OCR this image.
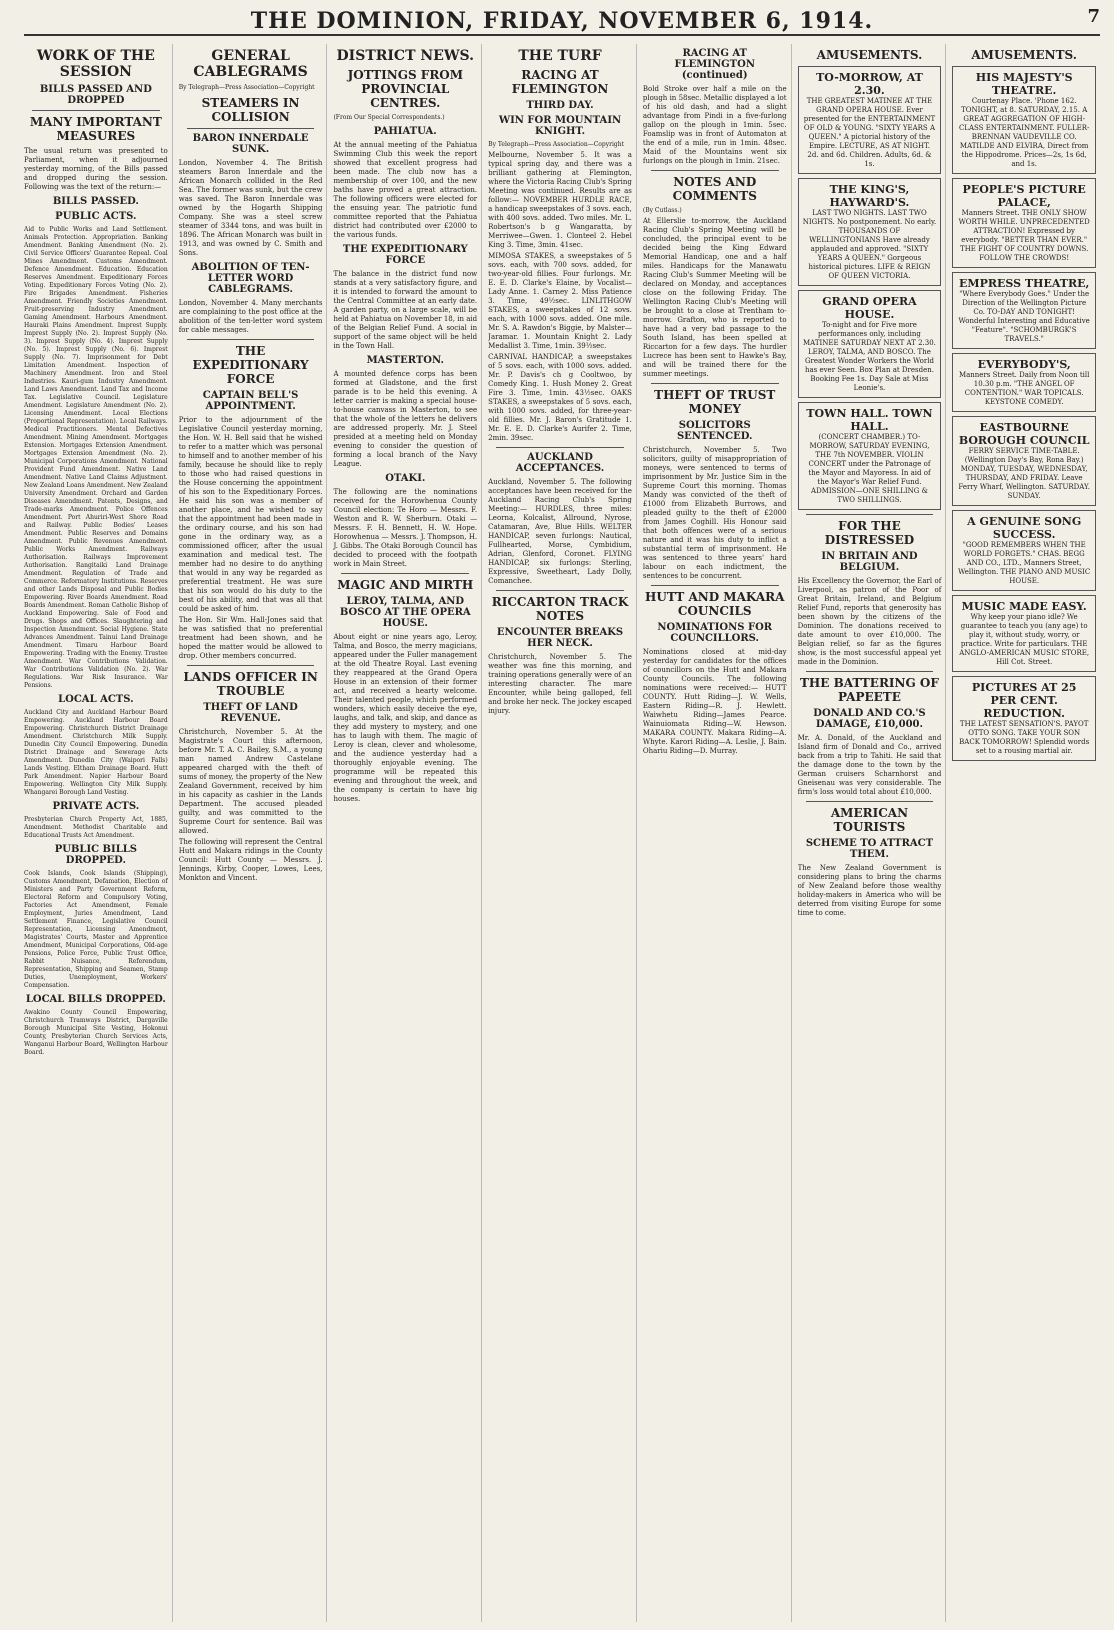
THE DOMINION, FRIDAY, NOVEMBER 6, 1914.	7
WORK OF THE SESSION
BILLS PASSED AND DROPPED
MANY IMPORTANT MEASURES
The usual return was presented to Parliament, when it adjourned yesterday morning, of the Bills passed and dropped during the session. Following was the text of the return:—
BILLS PASSED.
PUBLIC ACTS.
Aid to Public Works and Land Settlement. Animals Protection. Appropriation. Banking Amendment. Banking Amendment (No. 2). Civil Service Officers' Guarantee Repeal. Coal Mines Amendment. Customs Amendment. Defence Amendment. Education. Education Reserves Amendment. Expeditionary Forces Voting. Expeditionary Forces Voting (No. 2). Fire Brigades Amendment. Fisheries Amendment. Friendly Societies Amendment. Fruit-preserving Industry Amendment. Gaming Amendment. Harbours Amendment. Hauraki Plains Amendment. Imprest Supply. Imprest Supply (No. 2). Imprest Supply (No. 3). Imprest Supply (No. 4). Imprest Supply (No. 5). Imprest Supply (No. 6). Imprest Supply (No. 7). Imprisonment for Debt Limitation Amendment. Inspection of Machinery Amendment. Iron and Steel Industries. Kauri-gum Industry Amendment. Land Laws Amendment. Land Tax and Income Tax. Legislative Council. Legislature Amendment. Legislature Amendment (No. 2). Licensing Amendment. Local Elections (Proportional Representation). Local Railways. Medical Practitioners. Mental Defectives Amendment. Mining Amendment. Mortgages Extension. Mortgages Extension Amendment. Mortgages Extension Amendment (No. 2). Municipal Corporations Amendment. National Provident Fund Amendment. Native Land Amendment. Native Land Claims Adjustment. New Zealand Loans Amendment. New Zealand University Amendment. Orchard and Garden Diseases Amendment. Patents, Designs, and Trade-marks Amendment. Police Offences Amendment. Port Ahuriri-West Shore Road and Railway. Public Bodies' Leases Amendment. Public Reserves and Domains Amendment. Public Revenues Amendment. Public Works Amendment. Railways Authorisation. Railways Improvement Authorisation. Rangitaiki Land Drainage Amendment. Regulation of Trade and Commerce. Reformatory Institutions. Reserves and other Lands Disposal and Public Bodies Empowering. River Boards Amendment. Road Boards Amendment. Roman Catholic Bishop of Auckland Empowering. Sale of Food and Drugs. Shops and Offices. Slaughtering and Inspection Amendment. Social Hygiene. State Advances Amendment. Tainui Land Drainage Amendment. Timaru Harbour Board Empowering. Trading with the Enemy. Trustee Amendment. War Contributions Validation. War Contributions Validation (No. 2). War Regulations. War Risk Insurance. War Pensions.
LOCAL ACTS.
Auckland City and Auckland Harbour Board Empowering. Auckland Harbour Board Empowering. Christchurch District Drainage Amendment. Christchurch Milk Supply. Dunedin City Council Empowering. Dunedin District Drainage and Sewerage Acts Amendment. Dunedin City (Waipori Falls) Lands Vesting. Eltham Drainage Board. Hutt Park Amendment. Napier Harbour Board Empowering. Wellington City Milk Supply. Whangarei Borough Land Vesting.
PRIVATE ACTS.
Presbyterian Church Property Act, 1885, Amendment. Methodist Charitable and Educational Trusts Act Amendment.
PUBLIC BILLS DROPPED.
Cook Islands, Cook Islands (Shipping), Customs Amendment, Defamation, Election of Ministers and Party Government Reform, Electoral Reform and Compulsory Voting, Factories Act Amendment, Female Employment, Juries Amendment, Land Settlement Finance, Legislative Council Representation, Licensing Amendment, Magistrates' Courts, Master and Apprentice Amendment, Municipal Corporations, Old-age Pensions, Police Force, Public Trust Office, Rabbit Nuisance, Referendum, Representation, Shipping and Seamen, Stamp Duties, Unemployment, Workers' Compensation.
LOCAL BILLS DROPPED.
Awakino County Council Empowering, Christchurch Tramways District, Dargaville Borough Municipal Site Vesting, Hokonui County, Presbyterian Church Services Acts, Wanganui Harbour Board, Wellington Harbour Board.
GENERAL CABLEGRAMS
By Telegraph—Press Association—Copyright
STEAMERS IN COLLISION
BARON INNERDALE SUNK.
London, November 4. The British steamers Baron Innerdale and the African Monarch collided in the Red Sea. The former was sunk, but the crew was saved. The Baron Innerdale was owned by the Hogarth Shipping Company. She was a steel screw steamer of 3344 tons, and was built in 1896. The African Monarch was built in 1913, and was owned by C. Smith and Sons.
ABOLITION OF TEN-LETTER WORD CABLEGRAMS.
London, November 4. Many merchants are complaining to the post office at the abolition of the ten-letter word system for cable messages.
THE EXPEDITIONARY FORCE
CAPTAIN BELL'S APPOINTMENT.
Prior to the adjournment of the Legislative Council yesterday morning, the Hon. W. H. Bell said that he wished to refer to a matter which was personal to himself and to another member of his family, because he should like to reply to those who had raised questions in the House concerning the appointment of his son to the Expeditionary Forces. He said his son was a member of another place, and he wished to say that the appointment had been made in the ordinary course, and his son had gone in the ordinary way, as a commissioned officer, after the usual examination and medical test. The member had no desire to do anything that would in any way be regarded as preferential treatment. He was sure that his son would do his duty to the best of his ability, and that was all that could be asked of him.
The Hon. Sir Wm. Hall-Jones said that he was satisfied that no preferential treatment had been shown, and he hoped the matter would be allowed to drop. Other members concurred.
LANDS OFFICER IN TROUBLE
THEFT OF LAND REVENUE.
Christchurch, November 5. At the Magistrate's Court this afternoon, before Mr. T. A. C. Bailey, S.M., a young man named Andrew Castelane appeared charged with the theft of sums of money, the property of the New Zealand Government, received by him in his capacity as cashier in the Lands Department. The accused pleaded guilty, and was committed to the Supreme Court for sentence. Bail was allowed.
The following will represent the Central Hutt and Makara ridings in the County Council: Hutt County — Messrs. J. Jennings, Kirby, Cooper, Lowes, Lees, Monkton and Vincent.
DISTRICT NEWS.
JOTTINGS FROM PROVINCIAL CENTRES.
(From Our Special Correspondents.)
PAHIATUA.
At the annual meeting of the Pahiatua Swimming Club this week the report showed that excellent progress had been made. The club now has a membership of over 100, and the new baths have proved a great attraction. The following officers were elected for the ensuing year. The patriotic fund committee reported that the Pahiatua district had contributed over £2000 to the various funds.
THE EXPEDITIONARY FORCE
The balance in the district fund now stands at a very satisfactory figure, and it is intended to forward the amount to the Central Committee at an early date. A garden party, on a large scale, will be held at Pahiatua on November 18, in aid of the Belgian Relief Fund. A social in support of the same object will be held in the Town Hall.
MASTERTON.
A mounted defence corps has been formed at Gladstone, and the first parade is to be held this evening. A letter carrier is making a special house-to-house canvass in Masterton, to see that the whole of the letters he delivers are addressed properly. Mr. J. Steel presided at a meeting held on Monday evening to consider the question of forming a local branch of the Navy League.
OTAKI.
The following are the nominations received for the Horowhenua County Council election: Te Horo — Messrs. F. Weston and R. W. Sherburn. Otaki — Messrs. F. H. Bennett, H. W. Hope. Horowhenua — Messrs. J. Thompson, H. J. Gibbs. The Otaki Borough Council has decided to proceed with the footpath work in Main Street.
MAGIC AND MIRTH
LEROY, TALMA, AND BOSCO AT THE OPERA HOUSE.
About eight or nine years ago, Leroy, Talma, and Bosco, the merry magicians, appeared under the Fuller management at the old Theatre Royal. Last evening they reappeared at the Grand Opera House in an extension of their former act, and received a hearty welcome. Their talented people, which performed wonders, which easily deceive the eye, laughs, and talk, and skip, and dance as they add mystery to mystery, and one has to laugh with them. The magic of Leroy is clean, clever and wholesome, and the audience yesterday had a thoroughly enjoyable evening. The programme will be repeated this evening and throughout the week, and the company is certain to have big houses.
THE TURF
RACING AT FLEMINGTON
THIRD DAY.
WIN FOR MOUNTAIN KNIGHT.
By Telegraph—Press Association—Copyright
Melbourne, November 5. It was a typical spring day, and there was a brilliant gathering at Flemington, where the Victoria Racing Club's Spring Meeting was continued. Results are as follow:— NOVEMBER HURDLE RACE, a handicap sweepstakes of 3 sovs. each, with 400 sovs. added. Two miles. Mr. L. Robertson's b g Wangaratta, by Merriwee—Gwen. 1. Clonteel 2. Hebel King 3. Time, 3min. 41sec.
MIMOSA STAKES, a sweepstakes of 5 sovs. each, with 700 sovs. added, for two-year-old fillies. Four furlongs. Mr. E. E. D. Clarke's Elaine, by Vocalist—Lady Anne. 1. Carney 2. Miss Patience 3. Time, 49½sec. LINLITHGOW STAKES, a sweepstakes of 12 sovs. each, with 1000 sovs. added. One mile. Mr. S. A. Rawdon's Biggie, by Malster—Jaramar. 1. Mountain Knight 2. Lady Medallist 3. Time, 1min. 39½sec.
CARNIVAL HANDICAP, a sweepstakes of 5 sovs. each, with 1000 sovs. added. Mr. P. Davis's ch g Cooltwoo, by Comedy King. 1. Hush Money 2. Great Fire 3. Time, 1min. 43½sec. OAKS STAKES, a sweepstakes of 5 sovs. each, with 1000 sovs. added, for three-year-old fillies. Mr. J. Baron's Gratitude 1. Mr. E. E. D. Clarke's Aurifer 2. Time, 2min. 39sec.
AUCKLAND ACCEPTANCES.
Auckland, November 5. The following acceptances have been received for the Auckland Racing Club's Spring Meeting:— HURDLES, three miles: Leorna, Kolcalist, Allround, Nyrose, Catamaran, Ave, Blue Hills. WELTER HANDICAP, seven furlongs: Nautical, Fullhearted, Morse, Cymbidium, Adrian, Glenford, Coronet. FLYING HANDICAP, six furlongs: Sterling, Expressive, Sweetheart, Lady Dolly, Comanchee.
RICCARTON TRACK NOTES
ENCOUNTER BREAKS HER NECK.
Christchurch, November 5. The weather was fine this morning, and training operations generally were of an interesting character. The mare Encounter, while being galloped, fell and broke her neck. The jockey escaped injury.
RACING AT FLEMINGTON (continued)
Bold Stroke over half a mile on the plough in 58sec. Metallic displayed a lot of his old dash, and had a slight advantage from Pindi in a five-furlong gallop on the plough in 1min. 5sec. Foamslip was in front of Automaton at the end of a mile, run in 1min. 48sec. Maid of the Mountains went six furlongs on the plough in 1min. 21sec.
NOTES AND COMMENTS
(By Cutlass.)
At Ellerslie to-morrow, the Auckland Racing Club's Spring Meeting will be concluded, the principal event to be decided being the King Edward Memorial Handicap, one and a half miles. Handicaps for the Manawatu Racing Club's Summer Meeting will be declared on Monday, and acceptances close on the following Friday. The Wellington Racing Club's Meeting will be brought to a close at Trentham to-morrow. Grafton, who is reported to have had a very bad passage to the South Island, has been spelled at Riccarton for a few days. The hurdler Lucrece has been sent to Hawke's Bay, and will be trained there for the summer meetings.
THEFT OF TRUST MONEY
SOLICITORS SENTENCED.
Christchurch, November 5. Two solicitors, guilty of misappropriation of moneys, were sentenced to terms of imprisonment by Mr. Justice Sim in the Supreme Court this morning. Thomas Mandy was convicted of the theft of £1000 from Elizabeth Burrows, and pleaded guilty to the theft of £2000 from James Coghill. His Honour said that both offences were of a serious nature and it was his duty to inflict a substantial term of imprisonment. He was sentenced to three years' hard labour on each indictment, the sentences to be concurrent.
HUTT AND MAKARA COUNCILS
NOMINATIONS FOR COUNCILLORS.
Nominations closed at mid-day yesterday for candidates for the offices of councillors on the Hutt and Makara County Councils. The following nominations were received:— HUTT COUNTY. Hutt Riding—J. W. Wells, Eastern Riding—R. J. Hewlett. Waiwhetu Riding—James Pearce. Wainuiomata Riding—W. Hewson. MAKARA COUNTY. Makara Riding—A. Whyte. Karori Riding—A. Leslie, J. Bain. Ohariu Riding—D. Murray.
AMUSEMENTS.
TO-MORROW, AT 2.30.
THE GREATEST MATINEE AT THE GRAND OPERA HOUSE. Ever presented for the ENTERTAINMENT OF OLD & YOUNG. "SIXTY YEARS A QUEEN." A pictorial history of the Empire. LECTURE, AS AT NIGHT. 2d. and 6d. Children. Adults, 6d. & 1s.
THE KING'S, HAYWARD'S.
LAST TWO NIGHTS. LAST TWO NIGHTS. No postponement. No early. THOUSANDS OF WELLINGTONIANS Have already applauded and approved. "SIXTY YEARS A QUEEN." Gorgeous historical pictures. LIFE & REIGN OF QUEEN VICTORIA.
GRAND OPERA HOUSE.
To-night and for Five more performances only, including MATINEE SATURDAY NEXT AT 2.30. LEROY, TALMA, AND BOSCO. The Greatest Wonder Workers the World has ever Seen. Box Plan at Dresden. Booking Fee 1s. Day Sale at Miss Leonie's.
TOWN HALL. TOWN HALL.
(CONCERT CHAMBER.) TO-MORROW, SATURDAY EVENING, THE 7th NOVEMBER. VIOLIN CONCERT under the Patronage of the Mayor and Mayoress. In aid of the Mayor's War Relief Fund. ADMISSION—ONE SHILLING & TWO SHILLINGS.
FOR THE DISTRESSED
IN BRITAIN AND BELGIUM.
His Excellency the Governor, the Earl of Liverpool, as patron of the Poor of Great Britain, Ireland, and Belgium Relief Fund, reports that generosity has been shown by the citizens of the Dominion. The donations received to date amount to over £10,000. The Belgian relief, so far as the figures show, is the most successful appeal yet made in the Dominion.
THE BATTERING OF PAPEETE
DONALD AND CO.'S DAMAGE, £10,000.
Mr. A. Donald, of the Auckland and Island firm of Donald and Co., arrived back from a trip to Tahiti. He said that the damage done to the town by the German cruisers Scharnhorst and Gneisenau was very considerable. The firm's loss would total about £10,000.
AMERICAN TOURISTS
SCHEME TO ATTRACT THEM.
The New Zealand Government is considering plans to bring the charms of New Zealand before those wealthy holiday-makers in America who will be deterred from visiting Europe for some time to come.
AMUSEMENTS.
HIS MAJESTY'S THEATRE.
Courtenay Place. 'Phone 162. TONIGHT, at 8. SATURDAY, 2.15. A GREAT AGGREGATION OF HIGH-CLASS ENTERTAINMENT. FULLER-BRENNAN VAUDEVILLE CO. MATILDE AND ELVIRA, Direct from the Hippodrome. Prices—2s, 1s 6d, and 1s.
PEOPLE'S PICTURE PALACE,
Manners Street. THE ONLY SHOW WORTH WHILE. UNPRECEDENTED ATTRACTION! Expressed by everybody. "BETTER THAN EVER." THE FIGHT OF COUNTRY DOWNS. FOLLOW THE CROWDS!
EMPRESS THEATRE,
"Where Everybody Goes." Under the Direction of the Wellington Picture Co. TO-DAY AND TONIGHT! Wonderful Interesting and Educative "Feature". "SCHOMBURGK'S TRAVELS."
EVERYBODY'S,
Manners Street. Daily from Noon till 10.30 p.m. "THE ANGEL OF CONTENTION." WAR TOPICALS. KEYSTONE COMEDY.
EASTBOURNE BOROUGH COUNCIL
FERRY SERVICE TIME-TABLE. (Wellington Day's Bay, Rona Bay.) MONDAY, TUESDAY, WEDNESDAY, THURSDAY, AND FRIDAY. Leave Ferry Wharf, Wellington. SATURDAY. SUNDAY.
A GENUINE SONG SUCCESS.
"GOOD REMEMBERS WHEN THE WORLD FORGETS." CHAS. BEGG AND CO., LTD., Manners Street, Wellington. THE PIANO AND MUSIC HOUSE.
MUSIC MADE EASY.
Why keep your piano idle? We guarantee to teach you (any age) to play it, without study, worry, or practice. Write for particulars. THE ANGLO-AMERICAN MUSIC STORE, Hill Cot. Street.
PICTURES AT 25 PER CENT. REDUCTION.
THE LATEST SENSATION'S. PAYOT OTTO SONG. TAKE YOUR SON BACK TOMORROW! Splendid words set to a rousing martial air.
